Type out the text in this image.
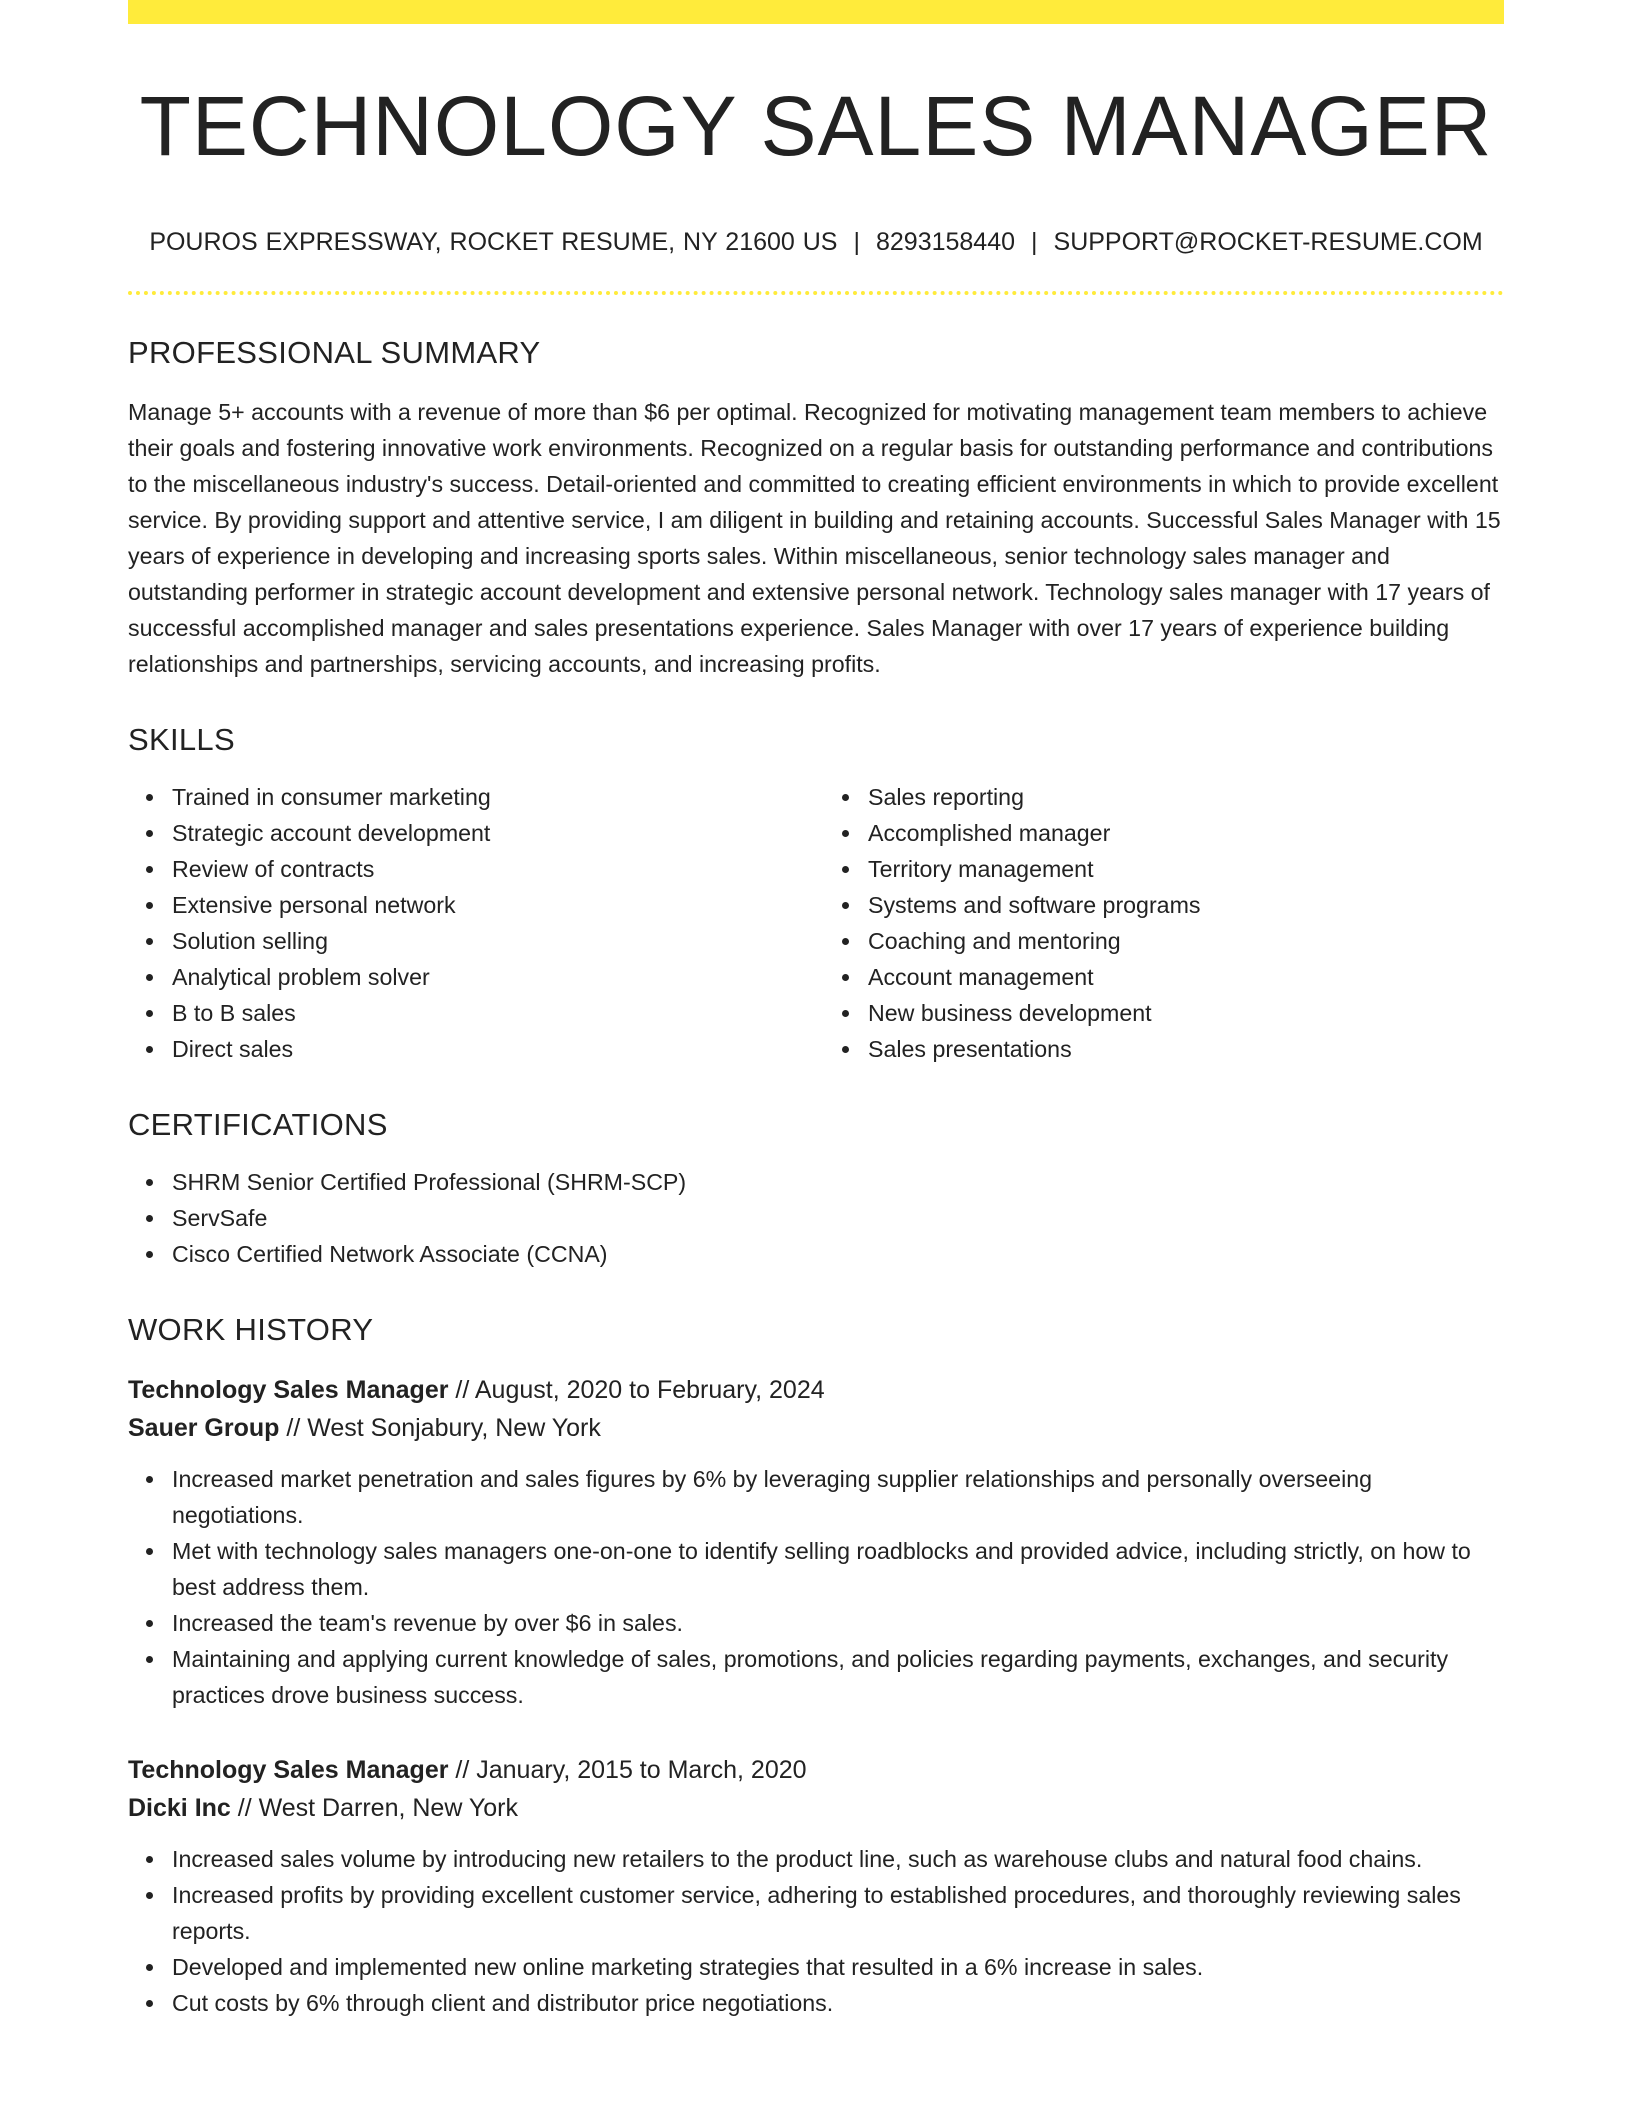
TECHNOLOGY SALES MANAGER
POUROS EXPRESSWAY, ROCKET RESUME, NY 21600 US | 8293158440 | SUPPORT@ROCKET-RESUME.COM
PROFESSIONAL SUMMARY
Manage 5+ accounts with a revenue of more than $6 per optimal. Recognized for motivating management team members to achieve their goals and fostering innovative work environments. Recognized on a regular basis for outstanding performance and contributions to the miscellaneous industry's success. Detail-oriented and committed to creating efficient environments in which to provide excellent service. By providing support and attentive service, I am diligent in building and retaining accounts. Successful Sales Manager with 15 years of experience in developing and increasing sports sales. Within miscellaneous, senior technology sales manager and outstanding performer in strategic account development and extensive personal network. Technology sales manager with 17 years of successful accomplished manager and sales presentations experience. Sales Manager with over 17 years of experience building relationships and partnerships, servicing accounts, and increasing profits.
SKILLS
Trained in consumer marketing
Strategic account development
Review of contracts
Extensive personal network
Solution selling
Analytical problem solver
B to B sales
Direct sales
Sales reporting
Accomplished manager
Territory management
Systems and software programs
Coaching and mentoring
Account management
New business development
Sales presentations
CERTIFICATIONS
SHRM Senior Certified Professional (SHRM-SCP)
ServSafe
Cisco Certified Network Associate (CCNA)
WORK HISTORY
Technology Sales Manager // August, 2020 to February, 2024
Sauer Group // West Sonjabury, New York
Increased market penetration and sales figures by 6% by leveraging supplier relationships and personally overseeing negotiations.
Met with technology sales managers one-on-one to identify selling roadblocks and provided advice, including strictly, on how to best address them.
Increased the team's revenue by over $6 in sales.
Maintaining and applying current knowledge of sales, promotions, and policies regarding payments, exchanges, and security practices drove business success.
Technology Sales Manager // January, 2015 to March, 2020
Dicki Inc // West Darren, New York
Increased sales volume by introducing new retailers to the product line, such as warehouse clubs and natural food chains.
Increased profits by providing excellent customer service, adhering to established procedures, and thoroughly reviewing sales reports.
Developed and implemented new online marketing strategies that resulted in a 6% increase in sales.
Cut costs by 6% through client and distributor price negotiations.
